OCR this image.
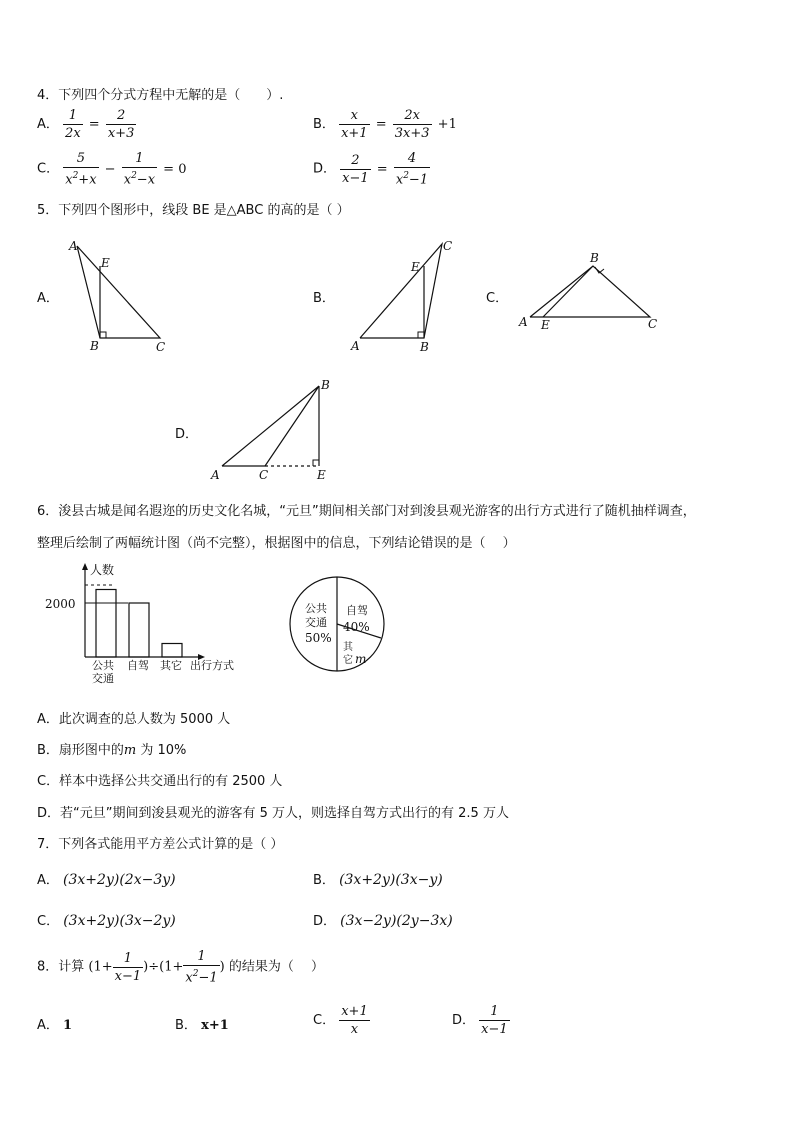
4．下列四个分式方程中无解的是（　　）.
A． $\frac{1}{2x} = \frac{2}{x+3}$	B． $\frac{x}{x+1} = \frac{2x}{3x+3} +1$
C． $\frac{5}{x^2+x} - \frac{1}{x^2-x} = 0$	D． $\frac{2}{x-1} = \frac{4}{x^2-1}$
5．下列四个图形中，线段 BE 是△ABC 的高的是（ ）
A．
A
E
B	C
B．
A
E
B
C
C．
A E
B
C
D．
A	C
B
E
6．浚县古城是闻名遐迩的历史文化名城，“元旦”期间相关部门对到浚县观光游客的出行方式进行了随机抽样调查，
整理后绘制了两幅统计图（尚不完整），根据图中的信息，下列结论错误的是（　 ）
人数
2000
公共
交通
自驾 其它 出行方式
公共
交通
50%
自驾
40%
其
它 m
A．此次调查的总人数为 5000 人
B．扇形图中的m 为 10%
C．样本中选择公共交通出行的有 2500 人
D．若“元旦”期间到浚县观光的游客有 5 万人，则选择自驾方式出行的有 2.5 万人
7．下列各式能用平方差公式计算的是（ ）
A． (3x+2y)(2x−3y)	B． (3x+2y)(3x−y)
C． (3x+2y)(3x−2y)	D． (3x−2y)(2y−3x)
8．计算 $(1+ \frac{1}{x-1} )\div(1+ \frac{1}{x^2-1}$ ) 的结果为（　 ）
A． 1	B． x+1	C． $\frac{x+1}{x}$	D． $\frac{1}{x-1}$
